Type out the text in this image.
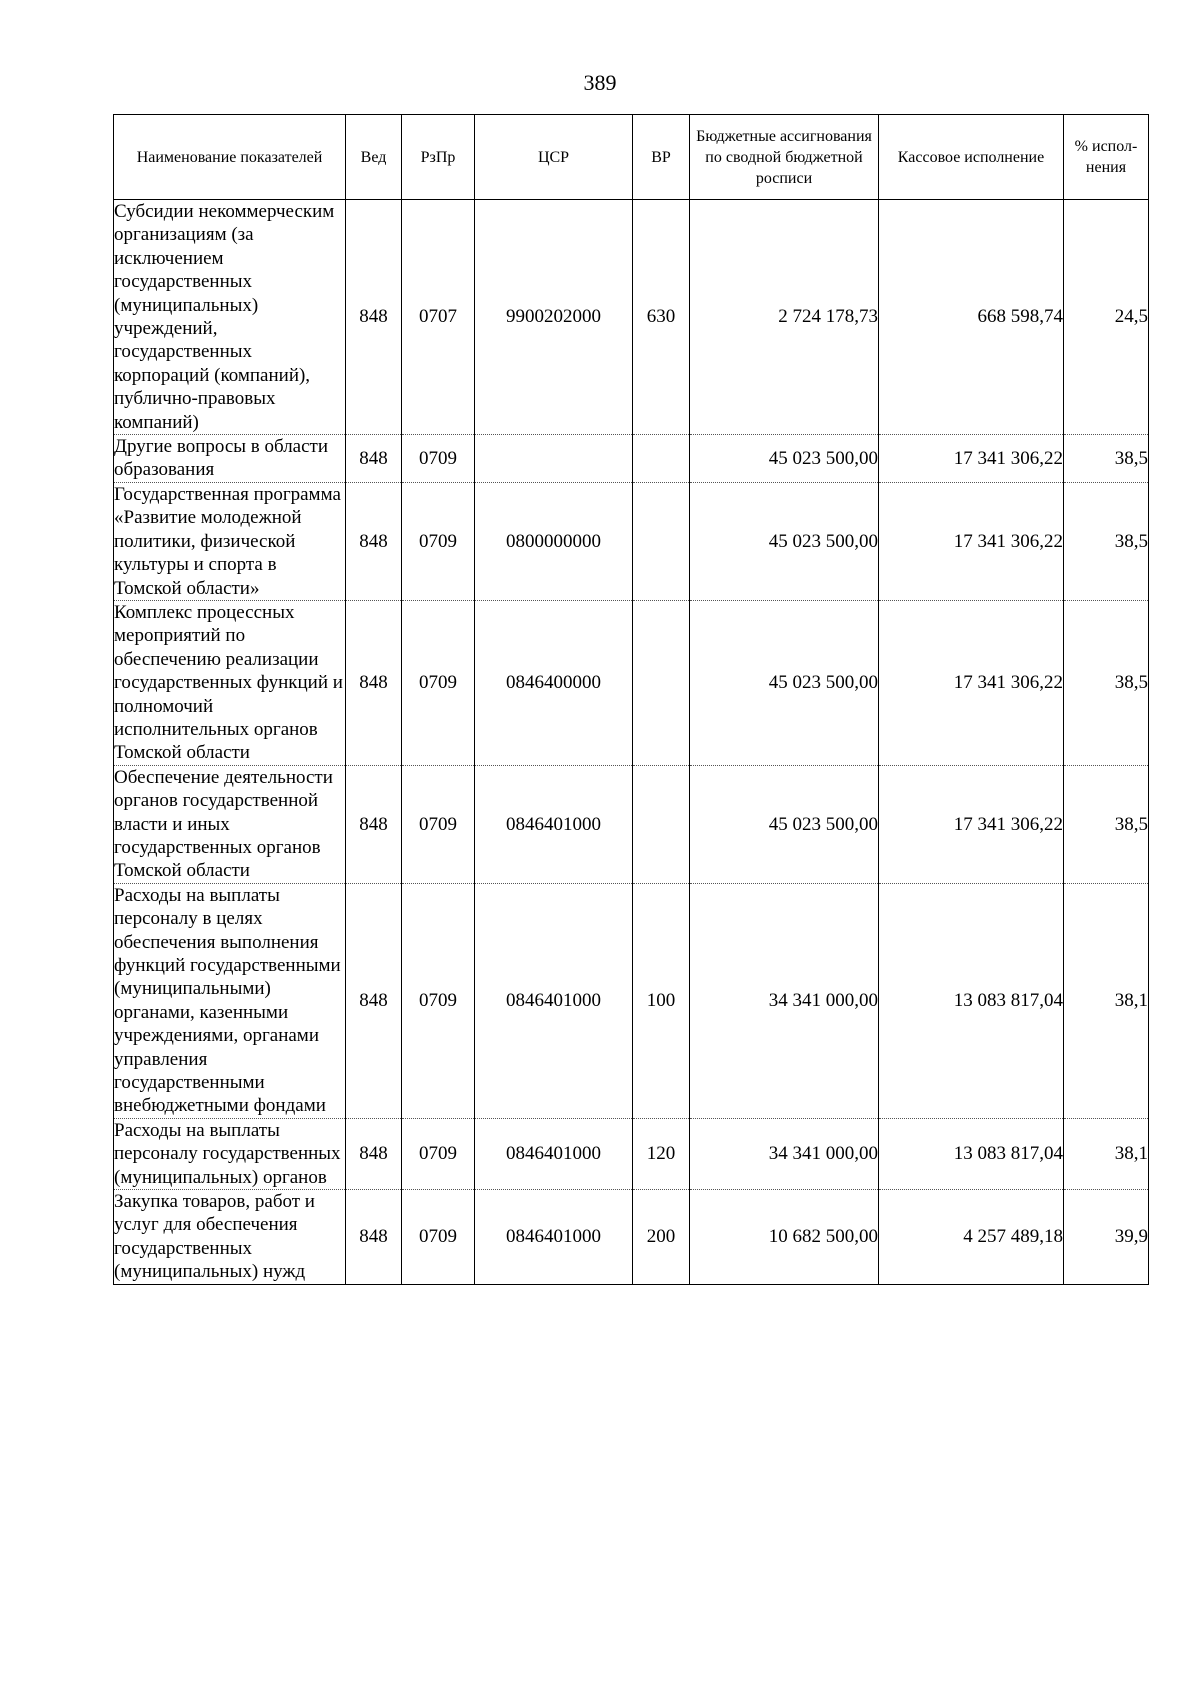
389
Наименование показателей	Вед	РзПр	ЦСР	ВР	Бюджетные ассигнования по сводной бюджетной росписи	Кассовое исполнение	% испол-нения
Субсидии некоммерческим организациям (за исключением государственных (муниципальных) учреждений, государственных корпораций (компаний), публично-правовых компаний)	848	0707	9900202000	630	2 724 178,73	668 598,74	24,5
Другие вопросы в области образования	848	0709			45 023 500,00	17 341 306,22	38,5
Государственная программа «Развитие молодежной политики, физической культуры и спорта в Томской области»	848	0709	0800000000		45 023 500,00	17 341 306,22	38,5
Комплекс процессных мероприятий по обеспечению реализации государственных функций и полномочий исполнительных органов Томской области	848	0709	0846400000		45 023 500,00	17 341 306,22	38,5
Обеспечение деятельности органов государственной власти и иных государственных органов Томской области	848	0709	0846401000		45 023 500,00	17 341 306,22	38,5
Расходы на выплаты персоналу в целях обеспечения выполнения функций государственными (муниципальными) органами, казенными учреждениями, органами управления государственными внебюджетными фондами	848	0709	0846401000	100	34 341 000,00	13 083 817,04	38,1
Расходы на выплаты персоналу государственных (муниципальных) органов	848	0709	0846401000	120	34 341 000,00	13 083 817,04	38,1
Закупка товаров, работ и услуг для обеспечения государственных (муниципальных) нужд	848	0709	0846401000	200	10 682 500,00	4 257 489,18	39,9
